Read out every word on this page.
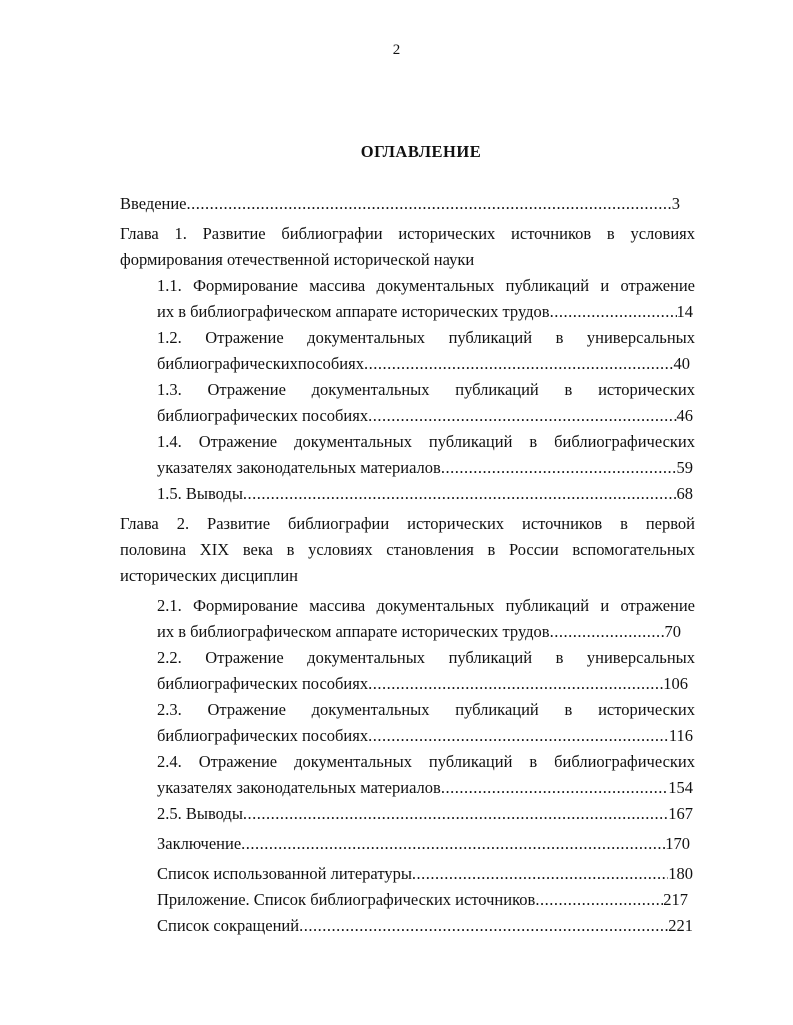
2
ОГЛАВЛЕНИЕ
Введение .....	3
Глава 1. Развитие библиографии исторических источников в условиях
формирования отечественной исторической науки
1.1. Формирование массива документальных публикаций и отражение
их в библиографическом аппарате исторических трудов .....	14
1.2. Отражение документальных публикаций в универсальных
библиографическихпособиях .....	40
1.3. Отражение документальных публикаций в исторических
библиографических пособиях .....	46
1.4. Отражение документальных публикаций в библиографических
указателях законодательных материалов .....	59
1.5. Выводы .....	68
Глава 2. Развитие библиографии исторических источников в первой
половина XIX века в условиях становления в России вспомогательных
исторических дисциплин
2.1. Формирование массива документальных публикаций и отражение
их в библиографическом аппарате исторических трудов .....	70
2.2. Отражение документальных публикаций в универсальных
библиографических пособиях .....	106
2.3. Отражение документальных публикаций в исторических
библиографических пособиях .....	116
2.4. Отражение документальных публикаций в библиографических
указателях законодательных материалов .....	154
2.5. Выводы .....	167
Заключение .....	170
Список использованной литературы .....	180
Приложение. Список библиографических источников .....	217
Список сокращений .....	221
